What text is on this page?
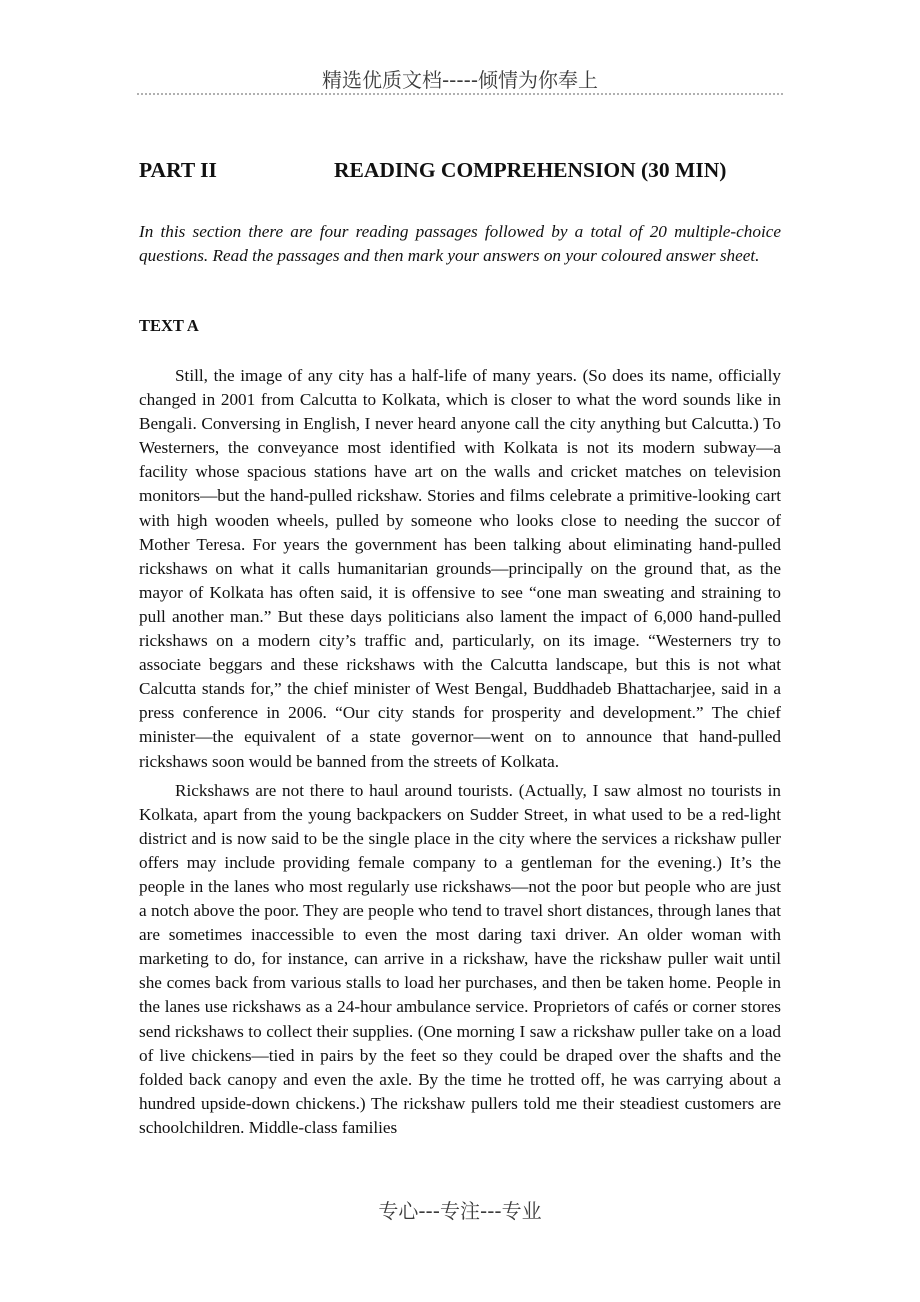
精选优质文档-----倾情为你奉上
PART II	READING COMPREHENSION (30 MIN)

In this section there are four reading passages followed by a total of 20 multiple-choice questions. Read the passages and then mark your answers on your coloured answer sheet.

TEXT A

Still, the image of any city has a half-life of many years. (So does its name, officially changed in 2001 from Calcutta to Kolkata, which is closer to what the word sounds like in Bengali. Conversing in English, I never heard anyone call the city anything but Calcutta.) To Westerners, the conveyance most identified with Kolkata is not its modern subway—a facility whose spacious stations have art on the walls and cricket matches on television monitors—but the hand-pulled rickshaw. Stories and films celebrate a primitive-looking cart with high wooden wheels, pulled by someone who looks close to needing the succor of Mother Teresa. For years the government has been talking about eliminating hand-pulled rickshaws on what it calls humanitarian grounds—principally on the ground that, as the mayor of Kolkata has often said, it is offensive to see “one man sweating and straining to pull another man.” But these days politicians also lament the impact of 6,000 hand-pulled rickshaws on a modern city’s traffic and, particularly, on its image. “Westerners try to associate beggars and these rickshaws with the Calcutta landscape, but this is not what Calcutta stands for,” the chief minister of West Bengal, Buddhadeb Bhattacharjee, said in a press conference in 2006. “Our city stands for prosperity and development.” The chief minister—the equivalent of a state governor—went on to announce that hand-pulled rickshaws soon would be banned from the streets of Kolkata.

Rickshaws are not there to haul around tourists. (Actually, I saw almost no tourists in Kolkata, apart from the young backpackers on Sudder Street, in what used to be a red-light district and is now said to be the single place in the city where the services a rickshaw puller offers may include providing female company to a gentleman for the evening.) It’s the people in the lanes who most regularly use rickshaws—not the poor but people who are just a notch above the poor. They are people who tend to travel short distances, through lanes that are sometimes inaccessible to even the most daring taxi driver. An older woman with marketing to do, for instance, can arrive in a rickshaw, have the rickshaw puller wait until she comes back from various stalls to load her purchases, and then be taken home. People in the lanes use rickshaws as a 24-hour ambulance service. Proprietors of cafés or corner stores send rickshaws to collect their supplies. (One morning I saw a rickshaw puller take on a load of live chickens—tied in pairs by the feet so they could be draped over the shafts and the folded back canopy and even the axle. By the time he trotted off, he was carrying about a hundred upside-down chickens.) The rickshaw pullers told me their steadiest customers are schoolchildren. Middle-class families

专心---专注---专业
